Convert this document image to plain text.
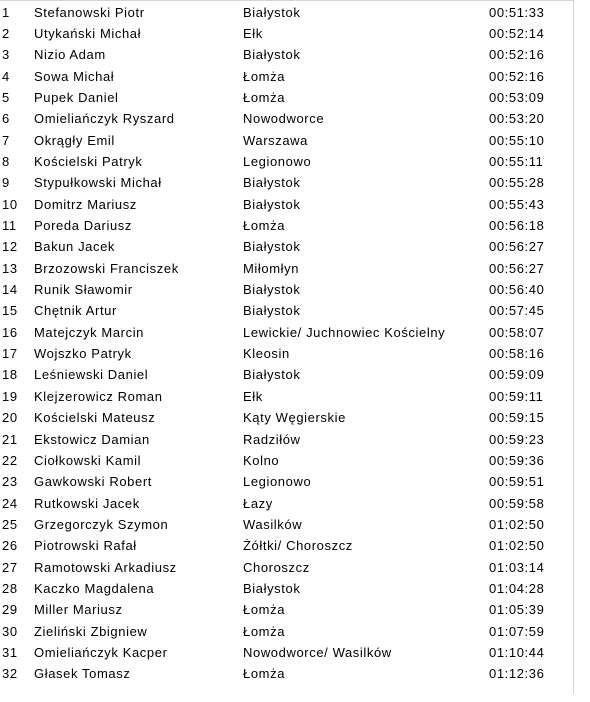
1 Stefanowski Piotr	Białystok	00:51:33
2 Utykański Michał	Ełk	00:52:14
3 Nizio Adam	Białystok	00:52:16
4 Sowa Michał	Łomża	00:52:16
5 Pupek Daniel	Łomża	00:53:09
6 Omieliańczyk Ryszard	Nowodworce	00:53:20
7 Okrągły Emil	Warszawa	00:55:10
8 Kościelski Patryk	Legionowo	00:55:11
9 Stypułkowski Michał	Białystok	00:55:28
10 Domitrz Mariusz	Białystok	00:55:43
11 Poreda Dariusz	Łomża	00:56:18
12 Bakun Jacek	Białystok	00:56:27
13 Brzozowski Franciszek	Miłomłyn	00:56:27
14 Runik Sławomir	Białystok	00:56:40
15 Chętnik Artur	Białystok	00:57:45
16 Matejczyk Marcin	Lewickie/ Juchnowiec Kościelny	00:58:07
17 Wojszko Patryk	Kleosin	00:58:16
18 Leśniewski Daniel	Białystok	00:59:09
19 Klejzerowicz Roman	Ełk	00:59:11
20 Kościelski Mateusz	Kąty Węgierskie	00:59:15
21 Ekstowicz Damian	Radziłów	00:59:23
22 Ciołkowski Kamil	Kolno	00:59:36
23 Gawkowski Robert	Legionowo	00:59:51
24 Rutkowski Jacek	Łazy	00:59:58
25 Grzegorczyk Szymon	Wasilków	01:02:50
26 Piotrowski Rafał	Żółtki/ Choroszcz	01:02:50
27 Ramotowski Arkadiusz	Choroszcz	01:03:14
28 Kaczko Magdalena	Białystok	01:04:28
29 Miller Mariusz	Łomża	01:05:39
30 Zieliński Zbigniew	Łomża	01:07:59
31 Omieliańczyk Kacper	Nowodworce/ Wasilków	01:10:44
32 Głasek Tomasz	Łomża	01:12:36
